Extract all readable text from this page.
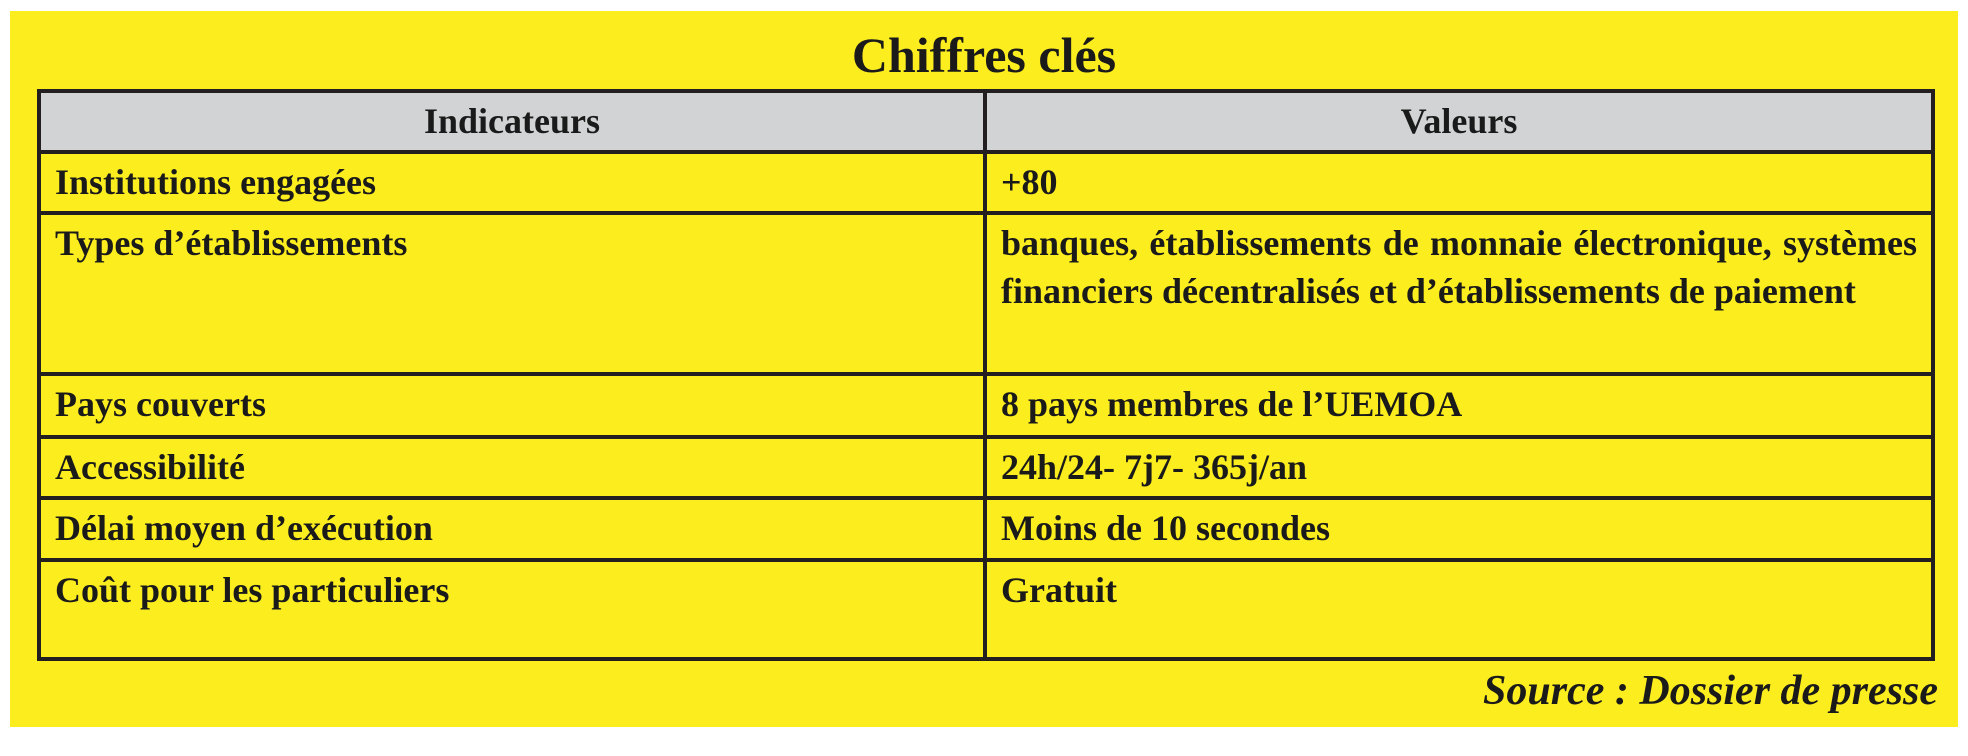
Chiffres clés
Indicateurs	Valeurs
Institutions engagées	+80
Types d’établissements	banques, établissements de monnaie électronique, systèmes financiers décentralisés et d’établissements de paiement
Pays couverts	8 pays membres de l’UEMOA
Accessibilité	24h/24- 7j7- 365j/an
Délai moyen d’exécution	Moins de 10 secondes
Coût pour les particuliers	Gratuit
Source : Dossier de presse
